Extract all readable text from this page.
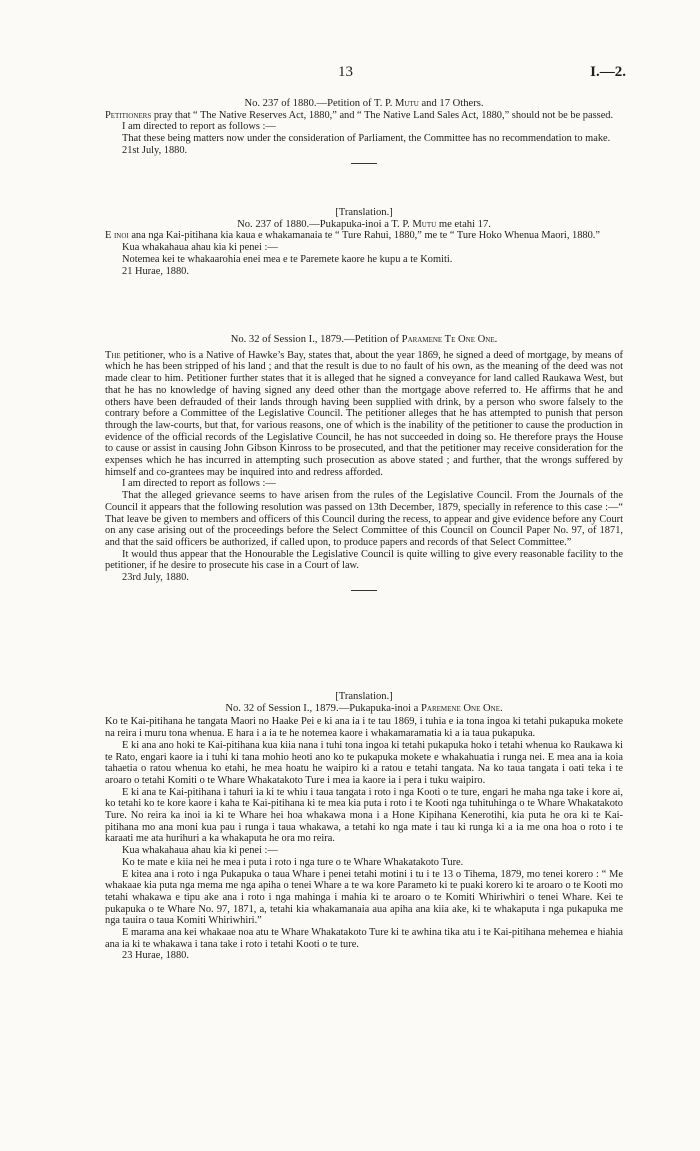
13	I.—2.

No. 237 of 1880.—Petition of T. P. Mutu and 17 Others.

Petitioners pray that “ The Native Reserves Act, 1880,” and “ The Native Land Sales Act, 1880,” should not be be passed.

I am directed to report as follows :—

That these being matters now under the consideration of Parliament, the Committee has no recommendation to make.

21st July, 1880.

[Translation.]

No. 237 of 1880.—Pukapuka-inoi a T. P. Mutu me etahi 17.

E inoi ana nga Kai-pitihana kia kaua e whakamanaia te “ Ture Rahui, 1880,” me te “ Ture Hoko Whenua Maori, 1880.”

Kua whakahaua ahau kia ki penei :—

Notemea kei te whakaarohia enei mea e te Paremete kaore he kupu a te Komiti.

21 Hurae, 1880.

No. 32 of Session I., 1879.—Petition of Paramene Te One One.

The petitioner, who is a Native of Hawke’s Bay, states that, about the year 1869, he signed a deed of mortgage, by means of which he has been stripped of his land ; and that the result is due to no fault of his own, as the meaning of the deed was not made clear to him. Petitioner further states that it is alleged that he signed a conveyance for land called Raukawa West, but that he has no knowledge of having signed any deed other than the mortgage above referred to. He affirms that he and others have been defrauded of their lands through having been supplied with drink, by a person who swore falsely to the contrary before a Committee of the Legislative Council. The petitioner alleges that he has attempted to punish that person through the law-courts, but that, for various reasons, one of which is the inability of the petitioner to cause the production in evidence of the official records of the Legislative Council, he has not succeeded in doing so. He therefore prays the House to cause or assist in causing John Gibson Kinross to be prosecuted, and that the petitioner may receive consideration for the expenses which he has incurred in attempting such prosecution as above stated ; and further, that the wrongs suffered by himself and co-grantees may be inquired into and redress afforded.

I am directed to report as follows :—

That the alleged grievance seems to have arisen from the rules of the Legislative Council. From the Journals of the Council it appears that the following resolution was passed on 13th December, 1879, specially in reference to this case :—“ That leave be given to members and officers of this Council during the recess, to appear and give evidence before any Court on any case arising out of the proceedings before the Select Committee of this Council on Council Paper No. 97, of 1871, and that the said officers be authorized, if called upon, to produce papers and records of that Select Committee.”

It would thus appear that the Honourable the Legislative Council is quite willing to give every reasonable facility to the petitioner, if he desire to prosecute his case in a Court of law.

23rd July, 1880.

[Translation.]

No. 32 of Session I., 1879.—Pukapuka-inoi a Paremene One One.

Ko te Kai-pitihana he tangata Maori no Haake Pei e ki ana ia i te tau 1869, i tuhia e ia tona ingoa ki tetahi pukapuka mokete na reira i muru tona whenua. E hara i a ia te he notemea kaore i whakamaramatia ki a ia taua pukapuka.

E ki ana ano hoki te Kai-pitihana kua kiia nana i tuhi tona ingoa ki tetahi pukapuka hoko i tetahi whenua ko Raukawa ki te Rato, engari kaore ia i tuhi ki tana mohio heoti ano ko te pukapuka mokete e whakahuatia i runga nei. E mea ana ia koia tahaetia o ratou whenua ko etahi, he mea hoatu he waipiro ki a ratou e tetahi tangata. Na ko taua tangata i oati teka i te aroaro o tetahi Komiti o te Whare Whakatakoto Ture i mea ia kaore ia i pera i tuku waipiro.

E ki ana te Kai-pitihana i tahuri ia ki te whiu i taua tangata i roto i nga Kooti o te ture, engari he maha nga take i kore ai, ko tetahi ko te kore kaore i kaha te Kai-pitihana ki te mea kia puta i roto i te Kooti nga tuhituhinga o te Whare Whakatakoto Ture. No reira ka inoi ia ki te Whare hei hoa whakawa mona i a Hone Kipihana Kenerotihi, kia puta he ora ki te Kai-pitihana mo ana moni kua pau i runga i taua whakawa, a tetahi ko nga mate i tau ki runga ki a ia me ona hoa o roto i te karaati me ata hurihuri a ka whakaputa he ora mo reira.

Kua whakahaua ahau kia ki penei :—

Ko te mate e kiia nei he mea i puta i roto i nga ture o te Whare Whakatakoto Ture.

E kitea ana i roto i nga Pukapuka o taua Whare i penei tetahi motini i tu i te 13 o Tihema, 1879, mo tenei korero : “ Me whakaae kia puta nga mema me nga apiha o tenei Whare a te wa kore Parameto ki te puaki korero ki te aroaro o te Kooti mo tetahi whakawa e tipu ake ana i roto i nga mahinga i mahia ki te aroaro o te Komiti Whiriwhiri o tenei Whare. Kei te pukapuka o te Whare No. 97, 1871, a, tetahi kia whakamanaia aua apiha ana kiia ake, ki te whakaputa i nga pukapuka me nga tauira o taua Komiti Whiriwhiri.”

E marama ana kei whakaae noa atu te Whare Whakatakoto Ture ki te awhina tika atu i te Kai-pitihana mehemea e hiahia ana ia ki te whakawa i tana take i roto i tetahi Kooti o te ture.

23 Hurae, 1880.
